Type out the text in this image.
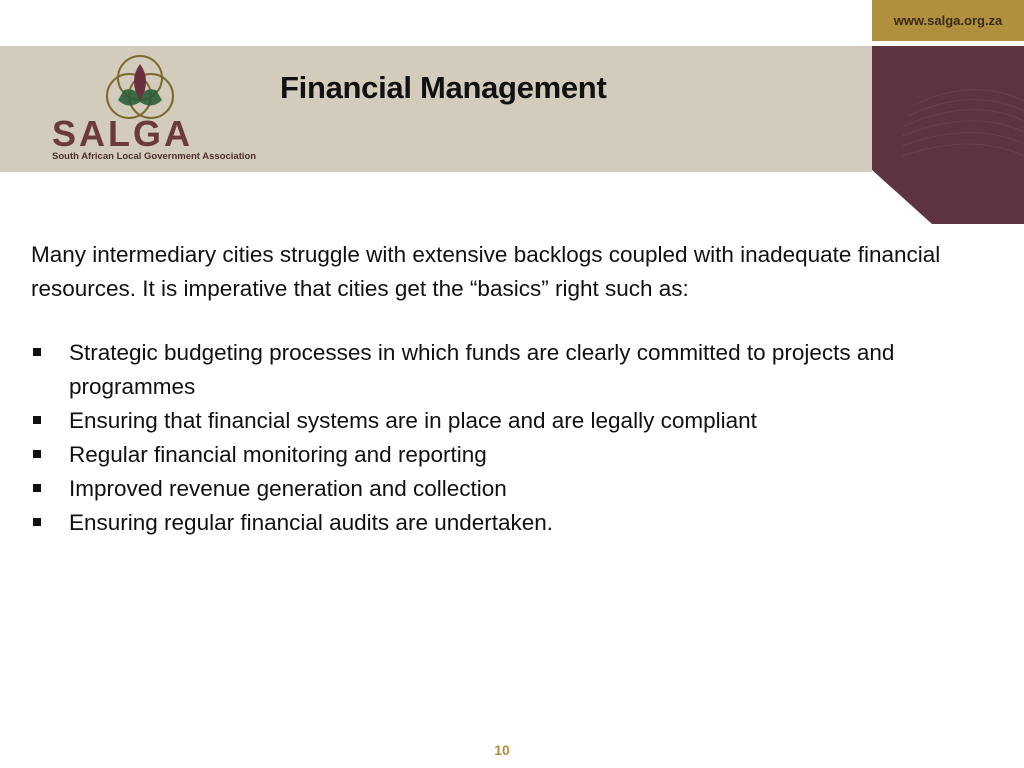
www.salga.org.za
SALGA
South African Local Government Association
Financial Management

Many intermediary cities struggle with extensive backlogs coupled with inadequate financial resources. It is imperative that cities get the “basics” right such as:

Strategic budgeting processes in which funds are clearly committed to projects and programmes
Ensuring that financial systems are in place and are legally compliant
Regular financial monitoring and reporting
Improved revenue generation and collection
Ensuring regular financial audits are undertaken.
10
